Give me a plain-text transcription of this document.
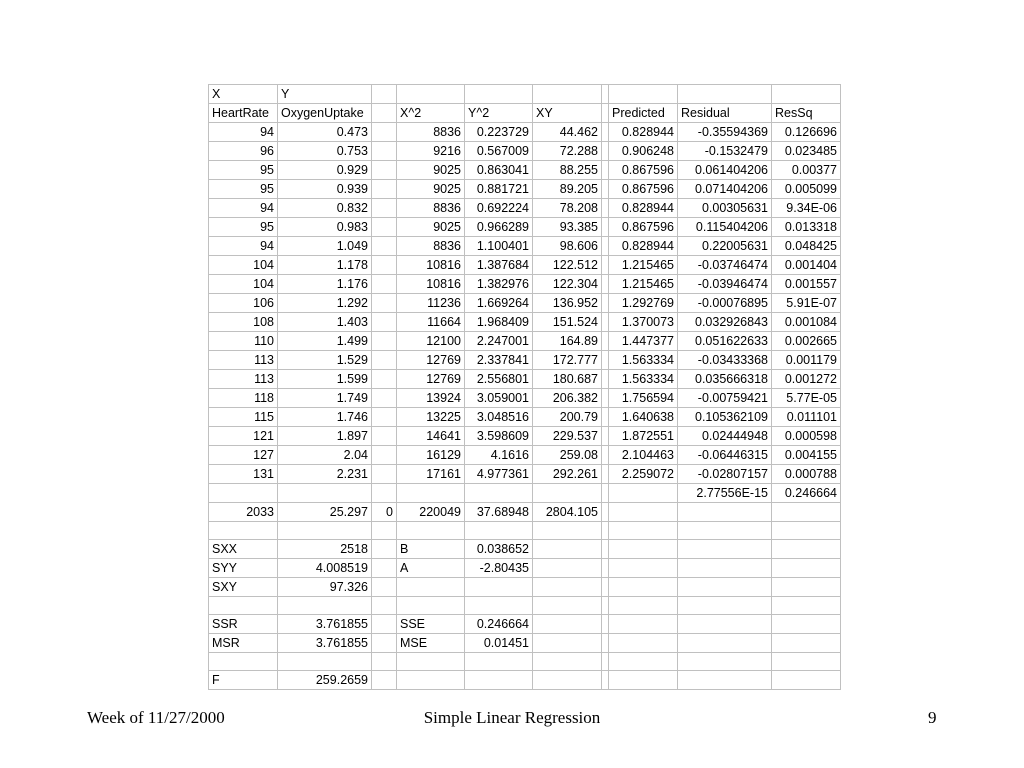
X	Y								
HeartRate	OxygenUptake		X^2	Y^2	XY		Predicted	Residual	ResSq
94	0.473		8836	0.223729	44.462		0.828944	-0.35594369	0.126696
96	0.753		9216	0.567009	72.288		0.906248	-0.1532479	0.023485
95	0.929		9025	0.863041	88.255		0.867596	0.061404206	0.00377
95	0.939		9025	0.881721	89.205		0.867596	0.071404206	0.005099
94	0.832		8836	0.692224	78.208		0.828944	0.00305631	9.34E-06
95	0.983		9025	0.966289	93.385		0.867596	0.115404206	0.013318
94	1.049		8836	1.100401	98.606		0.828944	0.22005631	0.048425
104	1.178		10816	1.387684	122.512		1.215465	-0.03746474	0.001404
104	1.176		10816	1.382976	122.304		1.215465	-0.03946474	0.001557
106	1.292		11236	1.669264	136.952		1.292769	-0.00076895	5.91E-07
108	1.403		11664	1.968409	151.524		1.370073	0.032926843	0.001084
110	1.499		12100	2.247001	164.89		1.447377	0.051622633	0.002665
113	1.529		12769	2.337841	172.777		1.563334	-0.03433368	0.001179
113	1.599		12769	2.556801	180.687		1.563334	0.035666318	0.001272
118	1.749		13924	3.059001	206.382		1.756594	-0.00759421	5.77E-05
115	1.746		13225	3.048516	200.79		1.640638	0.105362109	0.011101
121	1.897		14641	3.598609	229.537		1.872551	0.02444948	0.000598
127	2.04		16129	4.1616	259.08		2.104463	-0.06446315	0.004155
131	2.231		17161	4.977361	292.261		2.259072	-0.02807157	0.000788
								2.77556E-15	0.246664
2033	25.297	0	220049	37.68948	2804.105				

SXX	2518		B	0.038652					
SYY	4.008519		A	-2.80435					
SXY	97.326								

SSR	3.761855		SSE	0.246664					
MSR	3.761855		MSE	0.01451					

F	259.2659								
Week of 11/27/2000	Simple Linear Regression	9
